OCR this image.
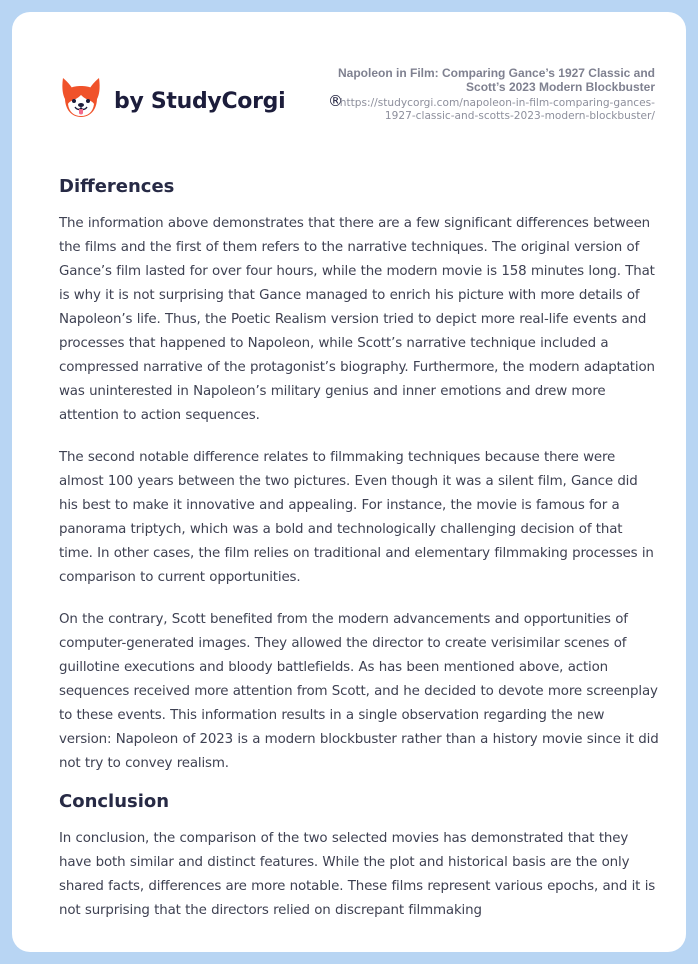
by StudyCorgi	®
Napoleon in Film: Comparing Gance’s 1927 Classic and
Scott’s 2023 Modern Blockbuster
https://studycorgi.com/napoleon-in-film-comparing-gances-
1927-classic-and-scotts-2023-modern-blockbuster/
Differences

The information above demonstrates that there are a few significant differences between the films and the first of them refers to the narrative techniques. The original version of Gance’s film lasted for over four hours, while the modern movie is 158 minutes long. That is why it is not surprising that Gance managed to enrich his picture with more details of Napoleon’s life. Thus, the Poetic Realism version tried to depict more real-life events and processes that happened to Napoleon, while Scott’s narrative technique included a compressed narrative of the protagonist’s biography. Furthermore, the modern adaptation was uninterested in Napoleon’s military genius and inner emotions and drew more attention to action sequences.

The second notable difference relates to filmmaking techniques because there were almost 100 years between the two pictures. Even though it was a silent film, Gance did his best to make it innovative and appealing. For instance, the movie is famous for a panorama triptych, which was a bold and technologically challenging decision of that time. In other cases, the film relies on traditional and elementary filmmaking processes in comparison to current opportunities.

On the contrary, Scott benefited from the modern advancements and opportunities of computer-generated images. They allowed the director to create verisimilar scenes of guillotine executions and bloody battlefields. As has been mentioned above, action sequences received more attention from Scott, and he decided to devote more screenplay to these events. This information results in a single observation regarding the new version: Napoleon of 2023 is a modern blockbuster rather than a history movie since it did not try to convey realism.

Conclusion

In conclusion, the comparison of the two selected movies has demonstrated that they have both similar and distinct features. While the plot and historical basis are the only shared facts, differences are more notable. These films represent various epochs, and it is not surprising that the directors relied on discrepant filmmaking
